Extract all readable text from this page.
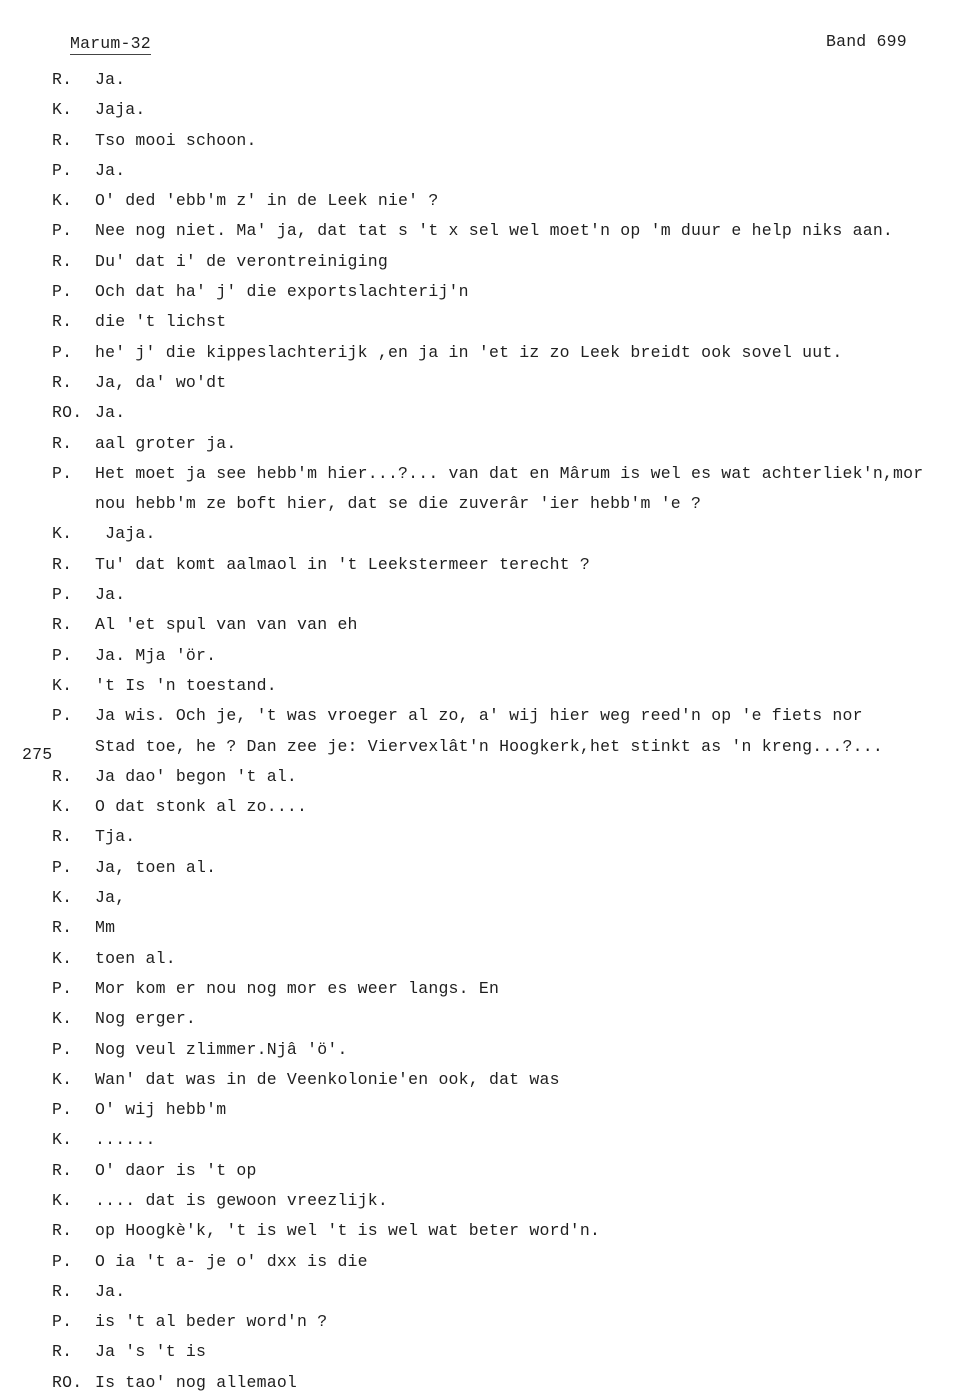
Marum-32	Band 699
275
R. Ja.
K. Jaja.
R. Tso mooi schoon.
P. Ja.
K. O' ded 'ebb'm z' in de Leek nie' ?
P. Nee nog niet. Ma' ja, dat tat s 't x sel wel moet'n op 'm duur e help niks aan.
R. Du' dat i' de verontreiniging
P. Och dat ha' j' die exportslachterij'n
R. die 't lichst
P. he' j' die kippeslachterijk ,en ja in 'et iz zo Leek breidt ook sovel uut.
R. Ja, da' wo'dt
RO. Ja.
R. aal groter ja.
P. Het moet ja see hebb'm hier...?... van dat en Mârum is wel es wat achterliek'n,mor
nou hebb'm ze boft hier, dat se die zuverâr 'ier hebb'm 'e ?
K. Jaja.
R. Tu' dat komt aalmaol in 't Leekstermeer terecht ?
P. Ja.
R. Al 'et spul van van van eh
P. Ja. Mja 'ör.
K. 't Is 'n toestand.
P. Ja wis. Och je, 't was vroeger al zo, a' wij hier weg reed'n op 'e fiets nor
Stad toe, he ? Dan zee je: Viervexlât'n Hoogkerk,het stinkt as 'n kreng...?...
R. Ja dao' begon 't al.
K. O dat stonk al zo....
R. Tja.
P. Ja, toen al.
K. Ja,
R. Mm
K. toen al.
P. Mor kom er nou nog mor es weer langs. En
K. Nog erger.
P. Nog veul zlimmer.Njâ 'ö'.
K. Wan' dat was in de Veenkolonie'en ook, dat was
P. O' wij hebb'm
K. ......
R. O' daor is 't op
K. .... dat is gewoon vreezlijk.
R. op Hoogkè'k, 't is wel 't is wel wat beter word'n.
P. O ia 't a- je o' dxx is die
R. Ja.
P. is 't al beder word'n ?
R. Ja 's 't is
RO. Is tao' nog allemaol
